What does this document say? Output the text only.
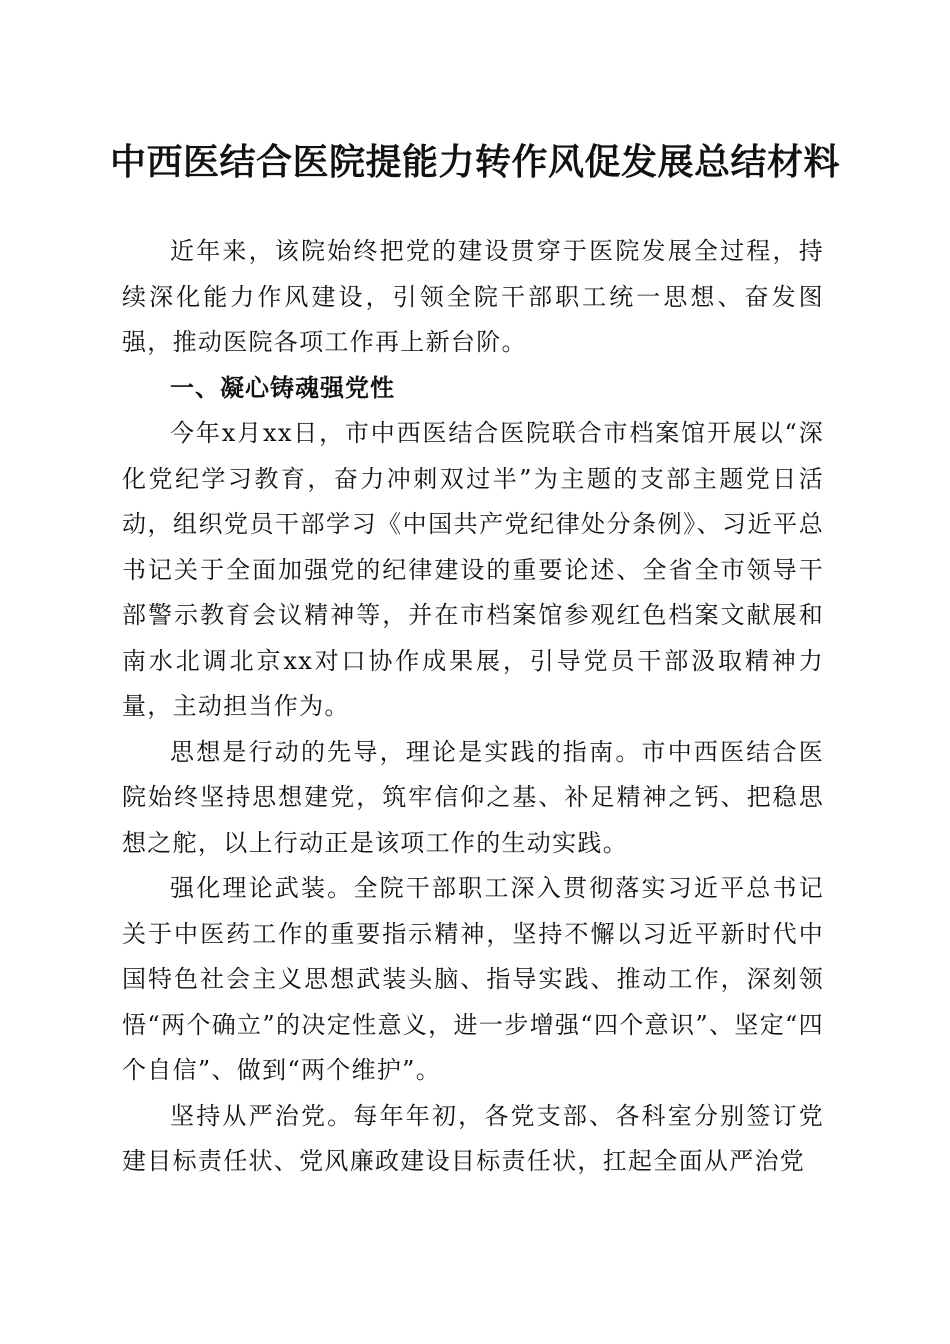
中西医结合医院提能力转作风促发展总结材料

近年来，该院始终把党的建设贯穿于医院发展全过程，持续深化能力作风建设，引领全院干部职工统一思想、奋发图强，推动医院各项工作再上新台阶。

一、凝心铸魂强党性

今年x月xx日，市中西医结合医院联合市档案馆开展以“深化党纪学习教育，奋力冲刺双过半”为主题的支部主题党日活动，组织党员干部学习《中国共产党纪律处分条例》、习近平总书记关于全面加强党的纪律建设的重要论述、全省全市领导干部警示教育会议精神等，并在市档案馆参观红色档案文献展和南水北调北京xx对口协作成果展，引导党员干部汲取精神力量，主动担当作为。

思想是行动的先导，理论是实践的指南。市中西医结合医院始终坚持思想建党，筑牢信仰之基、补足精神之钙、把稳思想之舵，以上行动正是该项工作的生动实践。

强化理论武装。全院干部职工深入贯彻落实习近平总书记关于中医药工作的重要指示精神，坚持不懈以习近平新时代中国特色社会主义思想武装头脑、指导实践、推动工作，深刻领悟“两个确立”的决定性意义，进一步增强“四个意识”、坚定“四个自信”、做到“两个维护”。

坚持从严治党。每年年初，各党支部、各科室分别签订党建目标责任状、党风廉政建设目标责任状，扛起全面从严治党
